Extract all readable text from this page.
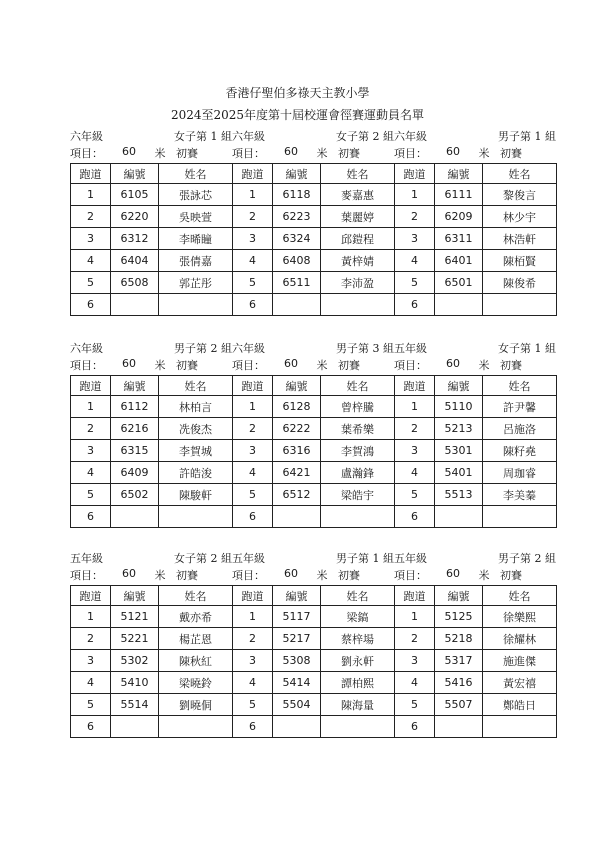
香港仔聖伯多祿天主教小學
2024至2025年度第十屆校運會徑賽運動員名單
六年級	女子第 1 組
項目：	60	米 初賽
跑道	編號	姓名
1	6105	張詠芯
2	6220	吳映萱
3	6312	李晞瞳
4	6404	張倩嘉
5	6508	郭芷彤
6		
六年級	女子第 2 組
項目：	60	米 初賽
跑道	編號	姓名
1	6118	麥嘉惠
2	6223	葉麗婷
3	6324	邱鎧程
4	6408	黃梓婧
5	6511	李沛盈
6		
六年級	男子第 1 組
項目：	60	米 初賽
跑道	編號	姓名
1	6111	黎俊言
2	6209	林少宇
3	6311	林浩軒
4	6401	陳栢賢
5	6501	陳俊希
6		
六年級	男子第 2 組
項目：	60	米 初賽
跑道	編號	姓名
1	6112	林柏言
2	6216	冼俊杰
3	6315	李賀城
4	6409	許皓浚
5	6502	陳駿軒
6		
六年級	男子第 3 組
項目：	60	米 初賽
跑道	編號	姓名
1	6128	曾梓騰
2	6222	葉希樂
3	6316	李賀鴻
4	6421	盧瀚鋒
5	6512	梁皓宇
6		
五年級	女子第 1 組
項目：	60	米 初賽
跑道	編號	姓名
1	5110	許尹馨
2	5213	呂施洛
3	5301	陳籽堯
4	5401	周珈睿
5	5513	李美蓁
6		
五年級	女子第 2 組
項目：	60	米 初賽
跑道	編號	姓名
1	5121	戴亦希
2	5221	楊芷恩
3	5302	陳秋紅
4	5410	梁曉鈴
5	5514	劉曉侗
6		
五年級	男子第 1 組
項目：	60	米 初賽
跑道	編號	姓名
1	5117	梁鎬
2	5217	蔡梓場
3	5308	劉永軒
4	5414	譚柏熙
5	5504	陳海量
6		
五年級	男子第 2 組
項目：	60	米 初賽
跑道	編號	姓名
1	5125	徐樂熙
2	5218	徐耀林
3	5317	施進傑
4	5416	黃宏禧
5	5507	鄭皓日
6		
